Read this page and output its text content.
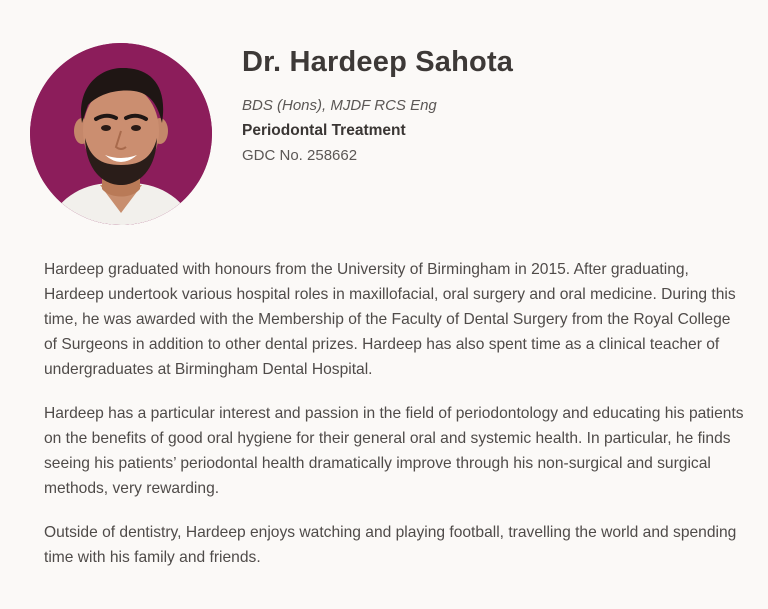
Dr. Hardeep Sahota
BDS (Hons), MJDF RCS Eng
Periodontal Treatment
GDC No. 258662

Hardeep graduated with honours from the University of Birmingham in 2015. After graduating, Hardeep undertook various hospital roles in maxillofacial, oral surgery and oral medicine. During this time, he was awarded with the Membership of the Faculty of Dental Surgery from the Royal College of Surgeons in addition to other dental prizes. Hardeep has also spent time as a clinical teacher of undergraduates at Birmingham Dental Hospital.

Hardeep has a particular interest and passion in the field of periodontology and educating his patients on the benefits of good oral hygiene for their general oral and systemic health. In particular, he finds seeing his patients’ periodontal health dramatically improve through his non-surgical and surgical methods, very rewarding.

Outside of dentistry, Hardeep enjoys watching and playing football, travelling the world and spending time with his family and friends.
